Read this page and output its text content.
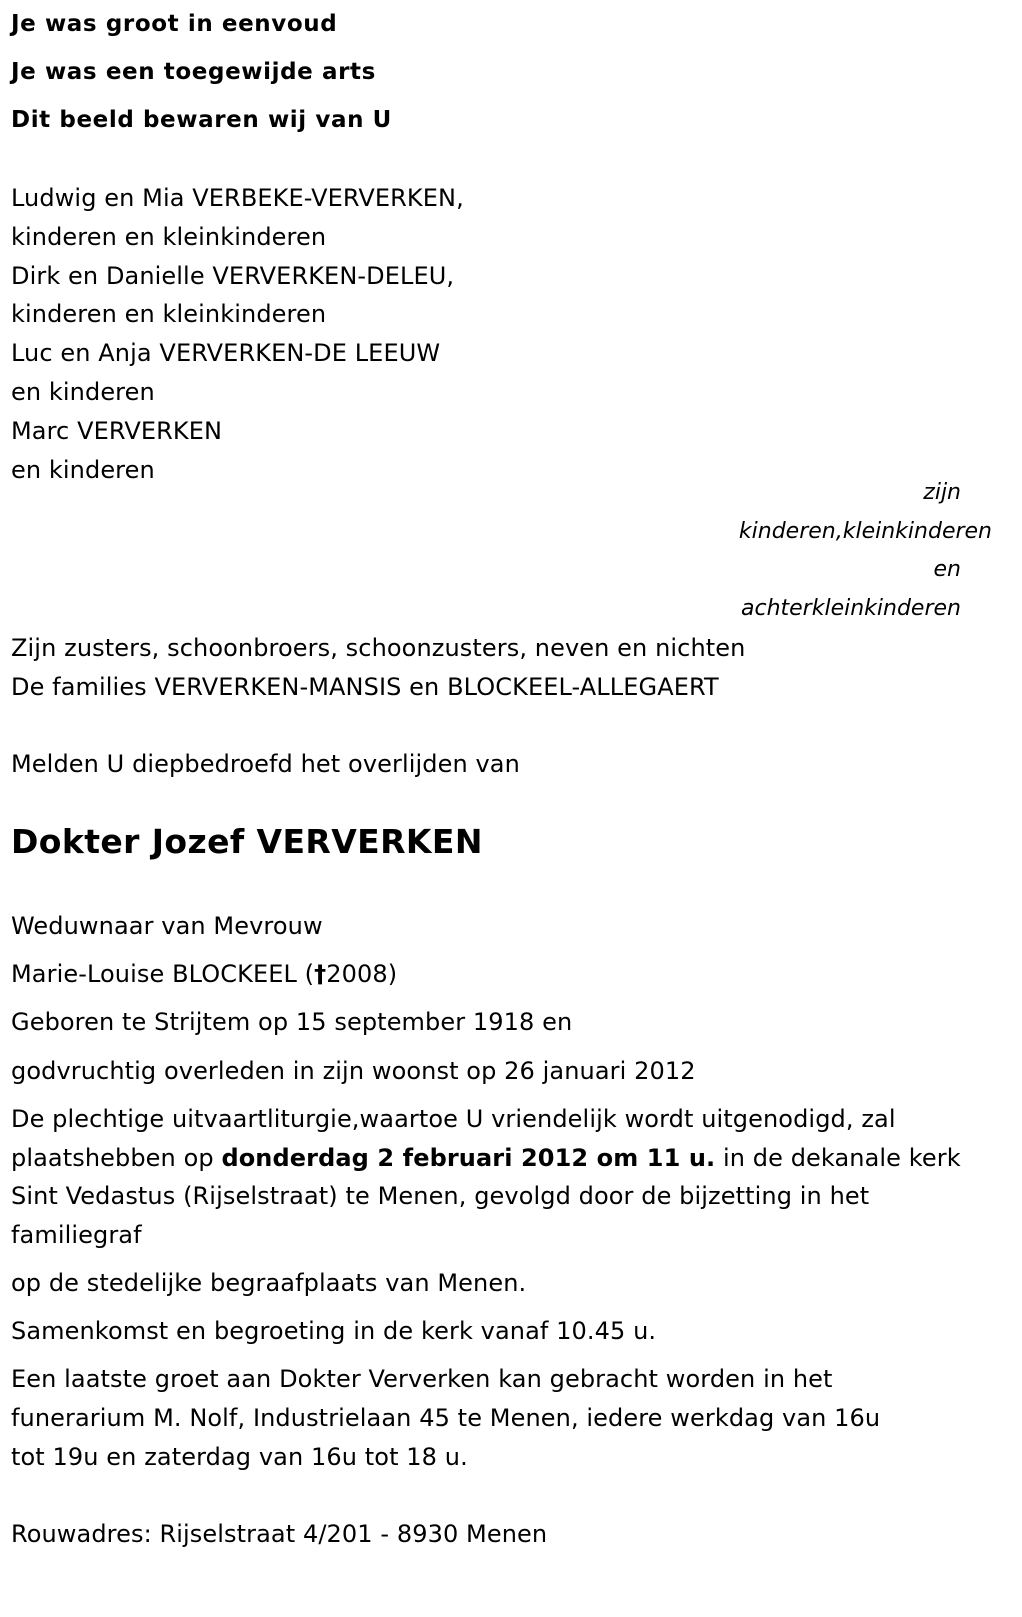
Je was groot in eenvoud
Je was een toegewijde arts
Dit beeld bewaren wij van U
Ludwig en Mia VERBEKE-VERVERKEN,
kinderen en kleinkinderen
Dirk en Danielle VERVERKEN-DELEU,
kinderen en kleinkinderen
Luc en Anja VERVERKEN-DE LEEUW
en kinderen
Marc VERVERKEN
en kinderen
zijn
kinderen,kleinkinderen
en
achterkleinkinderen
Zijn zusters, schoonbroers, schoonzusters, neven en nichten
De families VERVERKEN-MANSIS en BLOCKEEL-ALLEGAERT
Melden U diepbedroefd het overlijden van
Dokter Jozef VERVERKEN
Weduwnaar van Mevrouw
Marie-Louise BLOCKEEL (†2008)
Geboren te Strijtem op 15 september 1918 en
godvruchtig overleden in zijn woonst op 26 januari 2012
De plechtige uitvaartliturgie,waartoe U vriendelijk wordt uitgenodigd, zal
plaatshebben op donderdag 2 februari 2012 om 11 u. in de dekanale kerk
Sint Vedastus (Rijselstraat) te Menen, gevolgd door de bijzetting in het
familiegraf
op de stedelijke begraafplaats van Menen.
Samenkomst en begroeting in de kerk vanaf 10.45 u.
Een laatste groet aan Dokter Ververken kan gebracht worden in het
funerarium M. Nolf, Industrielaan 45 te Menen, iedere werkdag van 16u
tot 19u en zaterdag van 16u tot 18 u.
Rouwadres: Rijselstraat 4/201 - 8930 Menen
